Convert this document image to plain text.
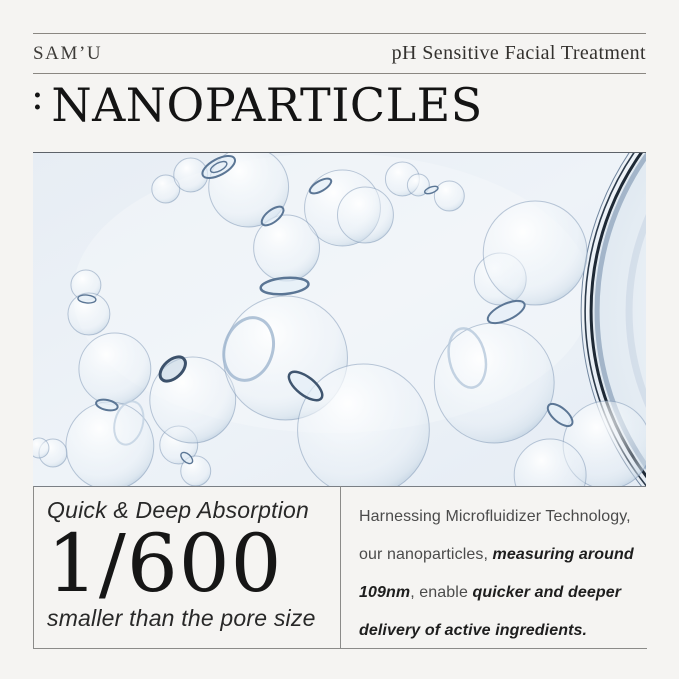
SAM’U	pH Sensitive Facial Treatment
: NANOPARTICLES
Quick & Deep Absorption
1/600
smaller than the pore size

Harnessing Microfluidizer Technology,
our nanoparticles, measuring around
109nm, enable quicker and deeper
delivery of active ingredients.
